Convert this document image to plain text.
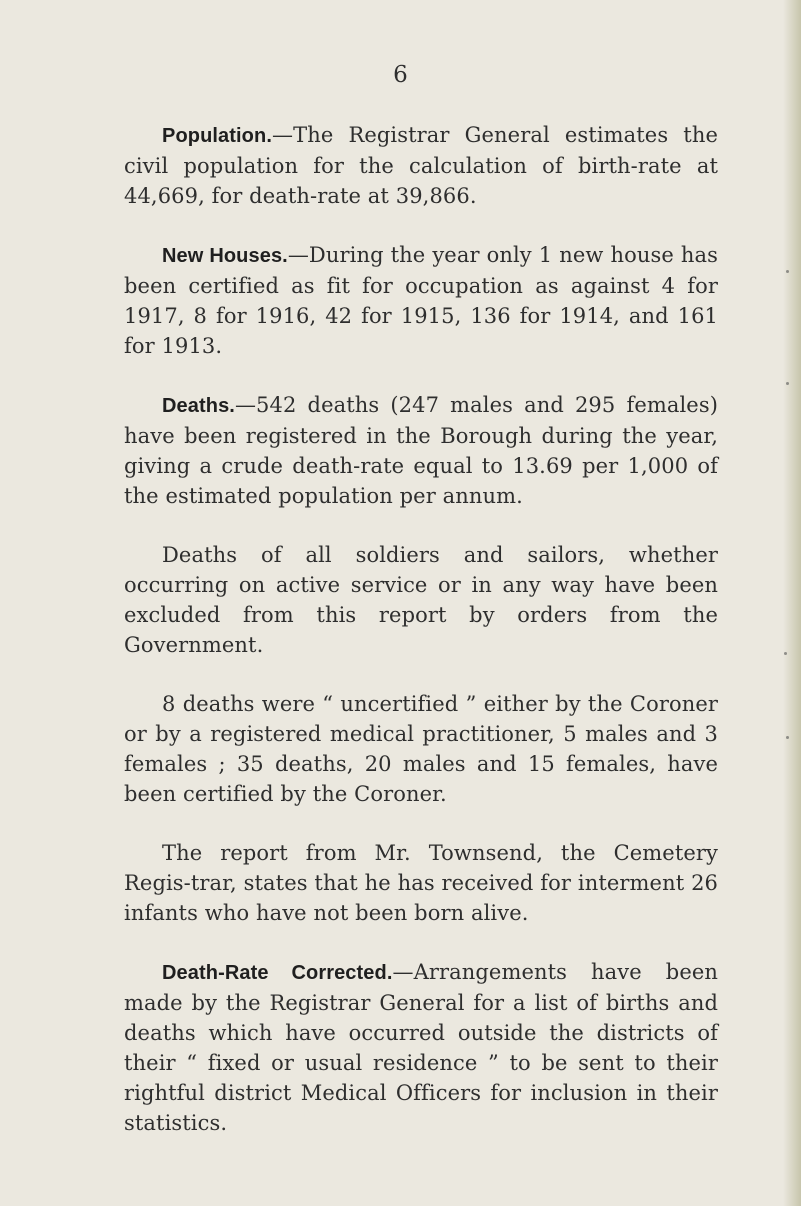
6

Population.—The Registrar General estimates the civil population for the calculation of birth-rate at 44,669, for death-rate at 39,866.

New Houses.—During the year only 1 new house has been certified as fit for occupation as against 4 for 1917, 8 for 1916, 42 for 1915, 136 for 1914, and 161 for 1913.

Deaths.—542 deaths (247 males and 295 females) have been registered in the Borough during the year, giving a crude death-rate equal to 13.69 per 1,000 of the estimated population per annum.

Deaths of all soldiers and sailors, whether occurring on active service or in any way have been excluded from this report by orders from the Government.

8 deaths were “ uncertified ” either by the Coroner or by a registered medical practitioner, 5 males and 3 females ; 35 deaths, 20 males and 15 females, have been certified by the Coroner.

The report from Mr. Townsend, the Cemetery Regis-trar, states that he has received for interment 26 infants who have not been born alive.

Death-Rate Corrected.—Arrangements have been made by the Registrar General for a list of births and deaths which have occurred outside the districts of their “ fixed or usual residence ” to be sent to their rightful district Medical Officers for inclusion in their statistics.
